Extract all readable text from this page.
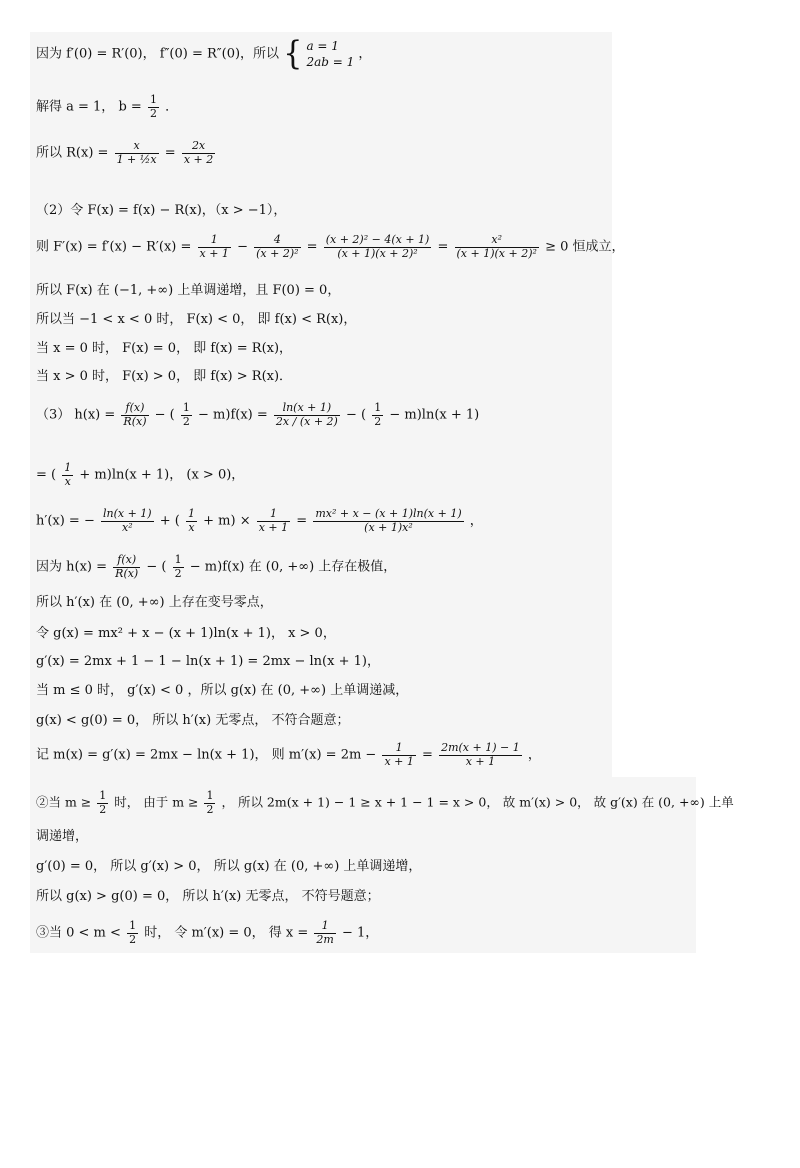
因为 f′(0) = R′(0)， f″(0) = R″(0)，所以 { a = 1
2ab = 1
，
解得 a = 1， $b = \frac{1}{2}$ ．
所以 $R(x) = \frac{x}{\text{1 + ½x}} = \frac{2x}{x + 2}$
（2）令 F(x) = f(x) − R(x)，（x > −1），
则 $F'(x) = f'(x) - R'(x) = \frac{1}{x + 1} - \frac{4}{\text{(x + 2)²}} = \frac{\text{(x + 2)² − 4(x + 1)}}{\text{(x + 1)(x + 2)²}} = \frac{\text{x²}}{\text{(x + 1)(x + 2)²}} \ge 0$ 恒成立，
所以 F(x) 在 (−1, +∞) 上单调递增，且 F(0) = 0，
所以当 −1 < x < 0 时， F(x) < 0， 即 f(x) < R(x)，
当 x = 0 时， F(x) = 0， 即 f(x) = R(x)，
当 x > 0 时， F(x) > 0， 即 f(x) > R(x)．
（3） $h(x) = \frac{f(x)}{R(x)}$ − ( $\frac{1}{2} - m)f(x) = \frac{\ln(x + 1)}{2x / (x + 2)}$ − ( $\frac{1}{2} - m)\ln(x + 1)$
= ( $\frac{1}{x} + m)\ln(x + 1)$， (x > 0)，
h′(x) = − $\frac{\ln(x + 1)}{\text{x²}}$ + ( $\frac{1}{x} + m) \times \frac{1}{x + 1} = \frac{\text{mx² + x − (x + 1)ln(x + 1)}}{\text{(x + 1)x²}}$ ，
因为 $h(x) = \frac{f(x)}{R(x)}$ − ( $\frac{1}{2} - m)f(x)$ 在 (0, +∞) 上存在极值，
所以 h′(x) 在 (0, +∞) 上存在变号零点，
令 g(x) = mx² + x − (x + 1)ln(x + 1)， x > 0，
g′(x) = 2mx + 1 − 1 − ln(x + 1) = 2mx − ln(x + 1)，
当 m ≤ 0 时， g′(x) < 0 ，所以 g(x) 在 (0, +∞) 上单调递减，
g(x) < g(0) = 0， 所以 h′(x) 无零点， 不符合题意；
记 m(x) = g′(x) = 2mx − ln(x + 1)， 则 $m'(x) = 2m - \frac{1}{x + 1} = \frac{2m(x + 1) - 1}{x + 1}$ ，
②当 $m \ge \frac{1}{2}$ 时， 由于 $m \ge \frac{1}{2}$ ， 所以 2m(x + 1) − 1 ≥ x + 1 − 1 = x > 0， 故 m′(x) > 0， 故 g′(x) 在 (0, +∞) 上单
调递增，
g′(0) = 0， 所以 g′(x) > 0， 所以 g(x) 在 (0, +∞) 上单调递增，
所以 g(x) > g(0) = 0， 所以 h′(x) 无零点， 不符号题意；
③当 $0 < m < \frac{1}{2}$ 时， 令 m′(x) = 0， 得 $x = \frac{1}{2m} - 1$，
